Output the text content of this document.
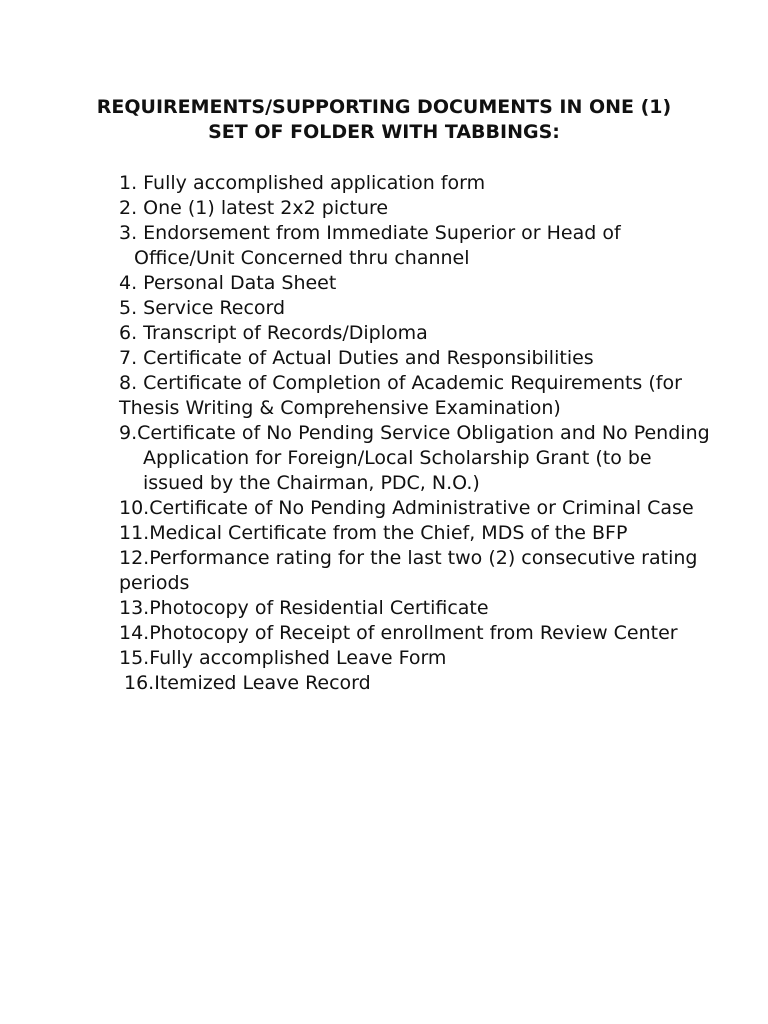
REQUIREMENTS/SUPPORTING DOCUMENTS IN ONE (1)
SET OF FOLDER WITH TABBINGS:
1. Fully accomplished application form
2. One (1) latest 2x2 picture
3. Endorsement from Immediate Superior or Head of
Office/Unit Concerned thru channel
4. Personal Data Sheet
5. Service Record
6. Transcript of Records/Diploma
7. Certificate of Actual Duties and Responsibilities
8. Certificate of Completion of Academic Requirements (for
Thesis Writing & Comprehensive Examination)
9.Certificate of No Pending Service Obligation and No Pending
Application for Foreign/Local Scholarship Grant (to be
issued by the Chairman, PDC, N.O.)
10.Certificate of No Pending Administrative or Criminal Case
11.Medical Certificate from the Chief, MDS of the BFP
12.Performance rating for the last two (2) consecutive rating
periods
13.Photocopy of Residential Certificate
14.Photocopy of Receipt of enrollment from Review Center
15.Fully accomplished Leave Form
16.Itemized Leave Record
